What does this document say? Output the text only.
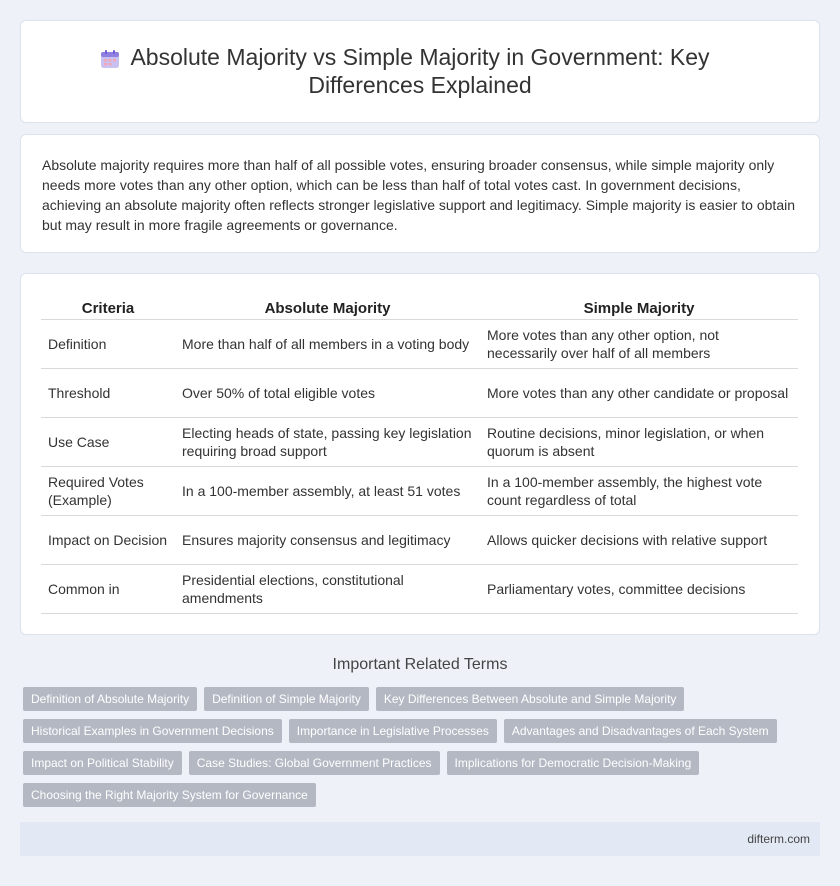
Absolute Majority vs Simple Majority in Government: Key Differences Explained

Absolute majority requires more than half of all possible votes, ensuring broader consensus, while simple majority only needs more votes than any other option, which can be less than half of total votes cast. In government decisions, achieving an absolute majority often reflects stronger legislative support and legitimacy. Simple majority is easier to obtain but may result in more fragile agreements or governance.

Criteria	Absolute Majority	Simple Majority
Definition	More than half of all members in a voting body	More votes than any other option, not necessarily over half of all members
Threshold	Over 50% of total eligible votes	More votes than any other candidate or proposal
Use Case	Electing heads of state, passing key legislation requiring broad support	Routine decisions, minor legislation, or when quorum is absent
Required Votes (Example)	In a 100-member assembly, at least 51 votes	In a 100-member assembly, the highest vote count regardless of total
Impact on Decision	Ensures majority consensus and legitimacy	Allows quicker decisions with relative support
Common in	Presidential elections, constitutional amendments	Parliamentary votes, committee decisions
Important Related Terms
Definition of Absolute Majority	Definition of Simple Majority	Key Differences Between Absolute and Simple Majority
Historical Examples in Government Decisions	Importance in Legislative Processes	Advantages and Disadvantages of Each System
Impact on Political Stability	Case Studies: Global Government Practices	Implications for Democratic Decision-Making
Choosing the Right Majority System for Governance
difterm.com
